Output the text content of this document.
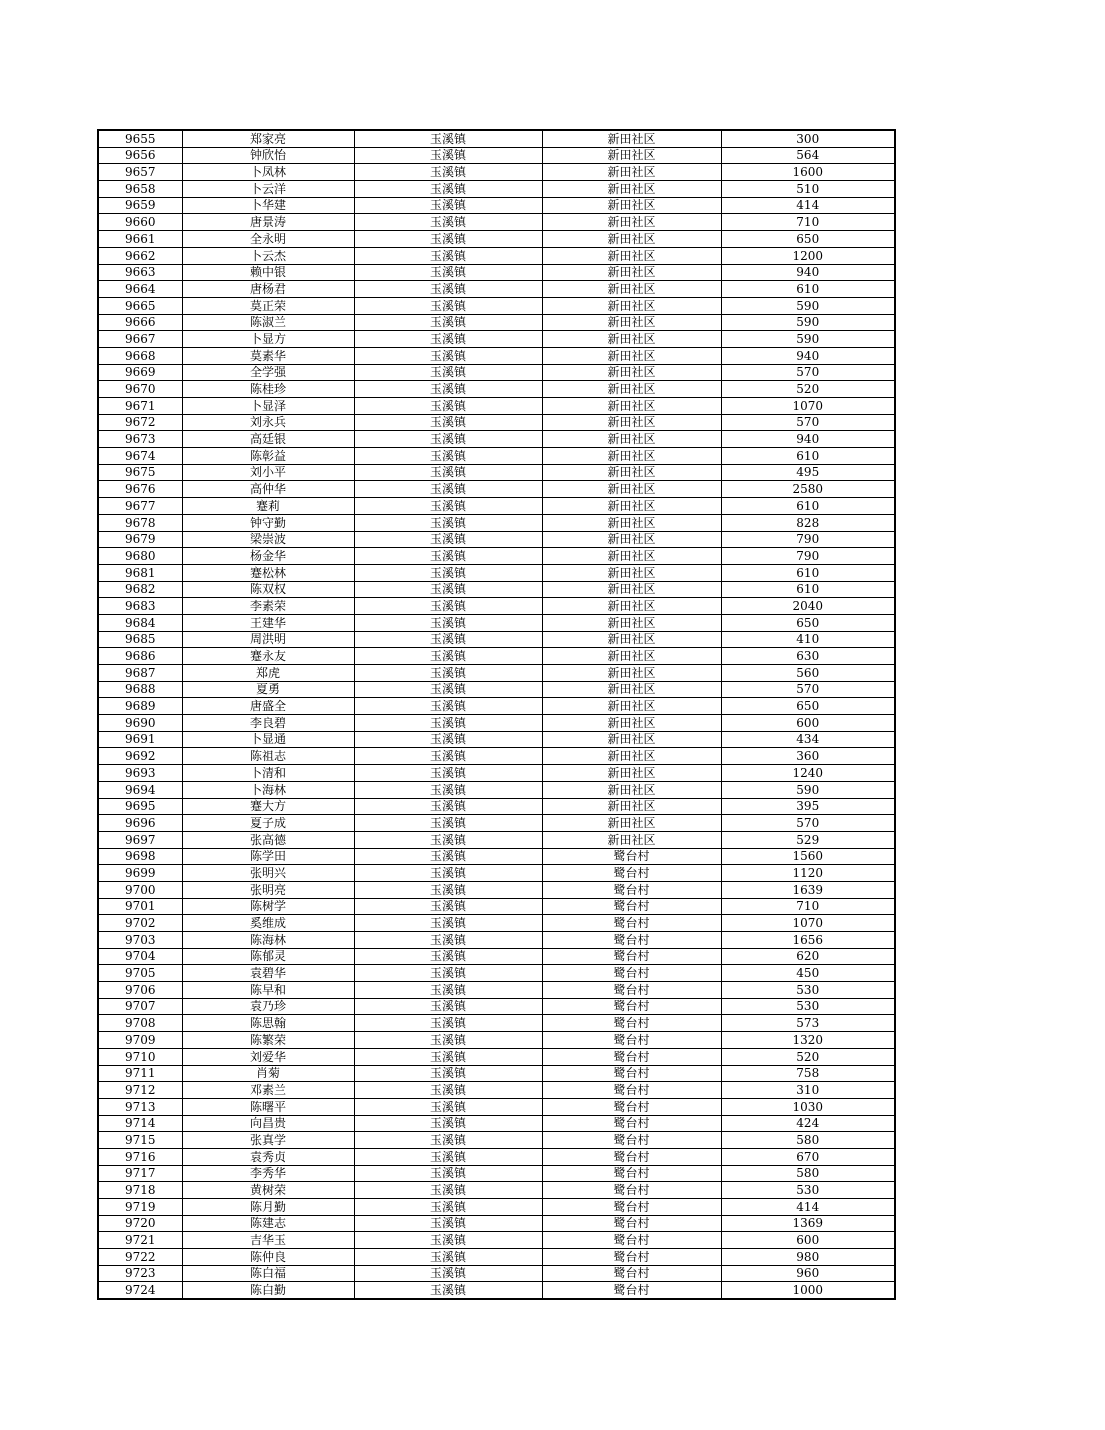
9655	郑家亮	玉溪镇	新田社区	300
9656	钟欣怡	玉溪镇	新田社区	564
9657	卜凤林	玉溪镇	新田社区	1600
9658	卜云洋	玉溪镇	新田社区	510
9659	卜华建	玉溪镇	新田社区	414
9660	唐景涛	玉溪镇	新田社区	710
9661	全永明	玉溪镇	新田社区	650
9662	卜云杰	玉溪镇	新田社区	1200
9663	赖中银	玉溪镇	新田社区	940
9664	唐杨君	玉溪镇	新田社区	610
9665	莫正荣	玉溪镇	新田社区	590
9666	陈淑兰	玉溪镇	新田社区	590
9667	卜显方	玉溪镇	新田社区	590
9668	莫素华	玉溪镇	新田社区	940
9669	全学强	玉溪镇	新田社区	570
9670	陈桂珍	玉溪镇	新田社区	520
9671	卜显泽	玉溪镇	新田社区	1070
9672	刘永兵	玉溪镇	新田社区	570
9673	高廷银	玉溪镇	新田社区	940
9674	陈彰益	玉溪镇	新田社区	610
9675	刘小平	玉溪镇	新田社区	495
9676	高仲华	玉溪镇	新田社区	2580
9677	蹇莉	玉溪镇	新田社区	610
9678	钟守勤	玉溪镇	新田社区	828
9679	梁崇波	玉溪镇	新田社区	790
9680	杨金华	玉溪镇	新田社区	790
9681	蹇松林	玉溪镇	新田社区	610
9682	陈双权	玉溪镇	新田社区	610
9683	李素荣	玉溪镇	新田社区	2040
9684	王建华	玉溪镇	新田社区	650
9685	周洪明	玉溪镇	新田社区	410
9686	蹇永友	玉溪镇	新田社区	630
9687	郑虎	玉溪镇	新田社区	560
9688	夏勇	玉溪镇	新田社区	570
9689	唐盛全	玉溪镇	新田社区	650
9690	李良碧	玉溪镇	新田社区	600
9691	卜显通	玉溪镇	新田社区	434
9692	陈祖志	玉溪镇	新田社区	360
9693	卜清和	玉溪镇	新田社区	1240
9694	卜海林	玉溪镇	新田社区	590
9695	蹇大方	玉溪镇	新田社区	395
9696	夏子成	玉溪镇	新田社区	570
9697	张高德	玉溪镇	新田社区	529
9698	陈学田	玉溪镇	鹭台村	1560
9699	张明兴	玉溪镇	鹭台村	1120
9700	张明亮	玉溪镇	鹭台村	1639
9701	陈树学	玉溪镇	鹭台村	710
9702	奚维成	玉溪镇	鹭台村	1070
9703	陈海林	玉溪镇	鹭台村	1656
9704	陈郁灵	玉溪镇	鹭台村	620
9705	袁碧华	玉溪镇	鹭台村	450
9706	陈早和	玉溪镇	鹭台村	530
9707	袁乃珍	玉溪镇	鹭台村	530
9708	陈思翰	玉溪镇	鹭台村	573
9709	陈繁荣	玉溪镇	鹭台村	1320
9710	刘爱华	玉溪镇	鹭台村	520
9711	肖菊	玉溪镇	鹭台村	758
9712	邓素兰	玉溪镇	鹭台村	310
9713	陈曙平	玉溪镇	鹭台村	1030
9714	向昌贵	玉溪镇	鹭台村	424
9715	张真学	玉溪镇	鹭台村	580
9716	袁秀贞	玉溪镇	鹭台村	670
9717	李秀华	玉溪镇	鹭台村	580
9718	黄树荣	玉溪镇	鹭台村	530
9719	陈月勤	玉溪镇	鹭台村	414
9720	陈建志	玉溪镇	鹭台村	1369
9721	吉华玉	玉溪镇	鹭台村	600
9722	陈仲良	玉溪镇	鹭台村	980
9723	陈白福	玉溪镇	鹭台村	960
9724	陈白勤	玉溪镇	鹭台村	1000
